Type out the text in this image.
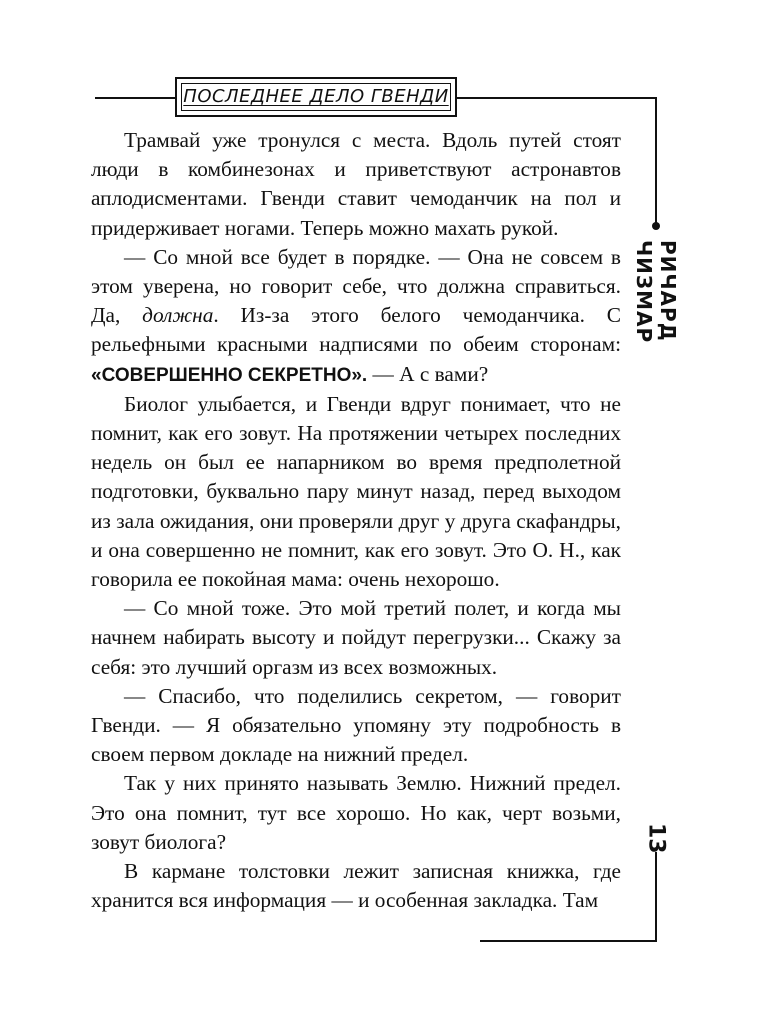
ПОСЛЕДНЕЕ ДЕЛО ГВЕНДИ
РИЧАРД ЧИЗМАР
13

Трамвай уже тронулся с места. Вдоль путей стоят люди в комбинезонах и приветствуют астронавтов аплодисментами. Гвенди ставит чемоданчик на пол и придерживает ногами. Теперь можно махать рукой.

— Со мной все будет в порядке. — Она не совсем в этом уверена, но говорит себе, что должна справиться. Да, должна. Из-за этого белого чемоданчика. С рельефными красными надписями по обеим сторонам: «СОВЕРШЕННО СЕКРЕТНО». — А с вами?

Биолог улыбается, и Гвенди вдруг понимает, что не помнит, как его зовут. На протяжении четырех последних недель он был ее напарником во время предполетной подготовки, буквально пару минут назад, перед выходом из зала ожидания, они проверяли друг у друга скафандры, и она совершенно не помнит, как его зовут. Это О. Н., как говорила ее покойная мама: очень нехорошо.

— Со мной тоже. Это мой третий полет, и когда мы начнем набирать высоту и пойдут перегрузки... Скажу за себя: это лучший оргазм из всех возможных.

— Спасибо, что поделились секретом, — говорит Гвенди. — Я обязательно упомяну эту подробность в своем первом докладе на нижний предел.

Так у них принято называть Землю. Нижний предел. Это она помнит, тут все хорошо. Но как, черт возьми, зовут биолога?

В кармане толстовки лежит записная книжка, где хранится вся информация — и особенная закладка. Там
